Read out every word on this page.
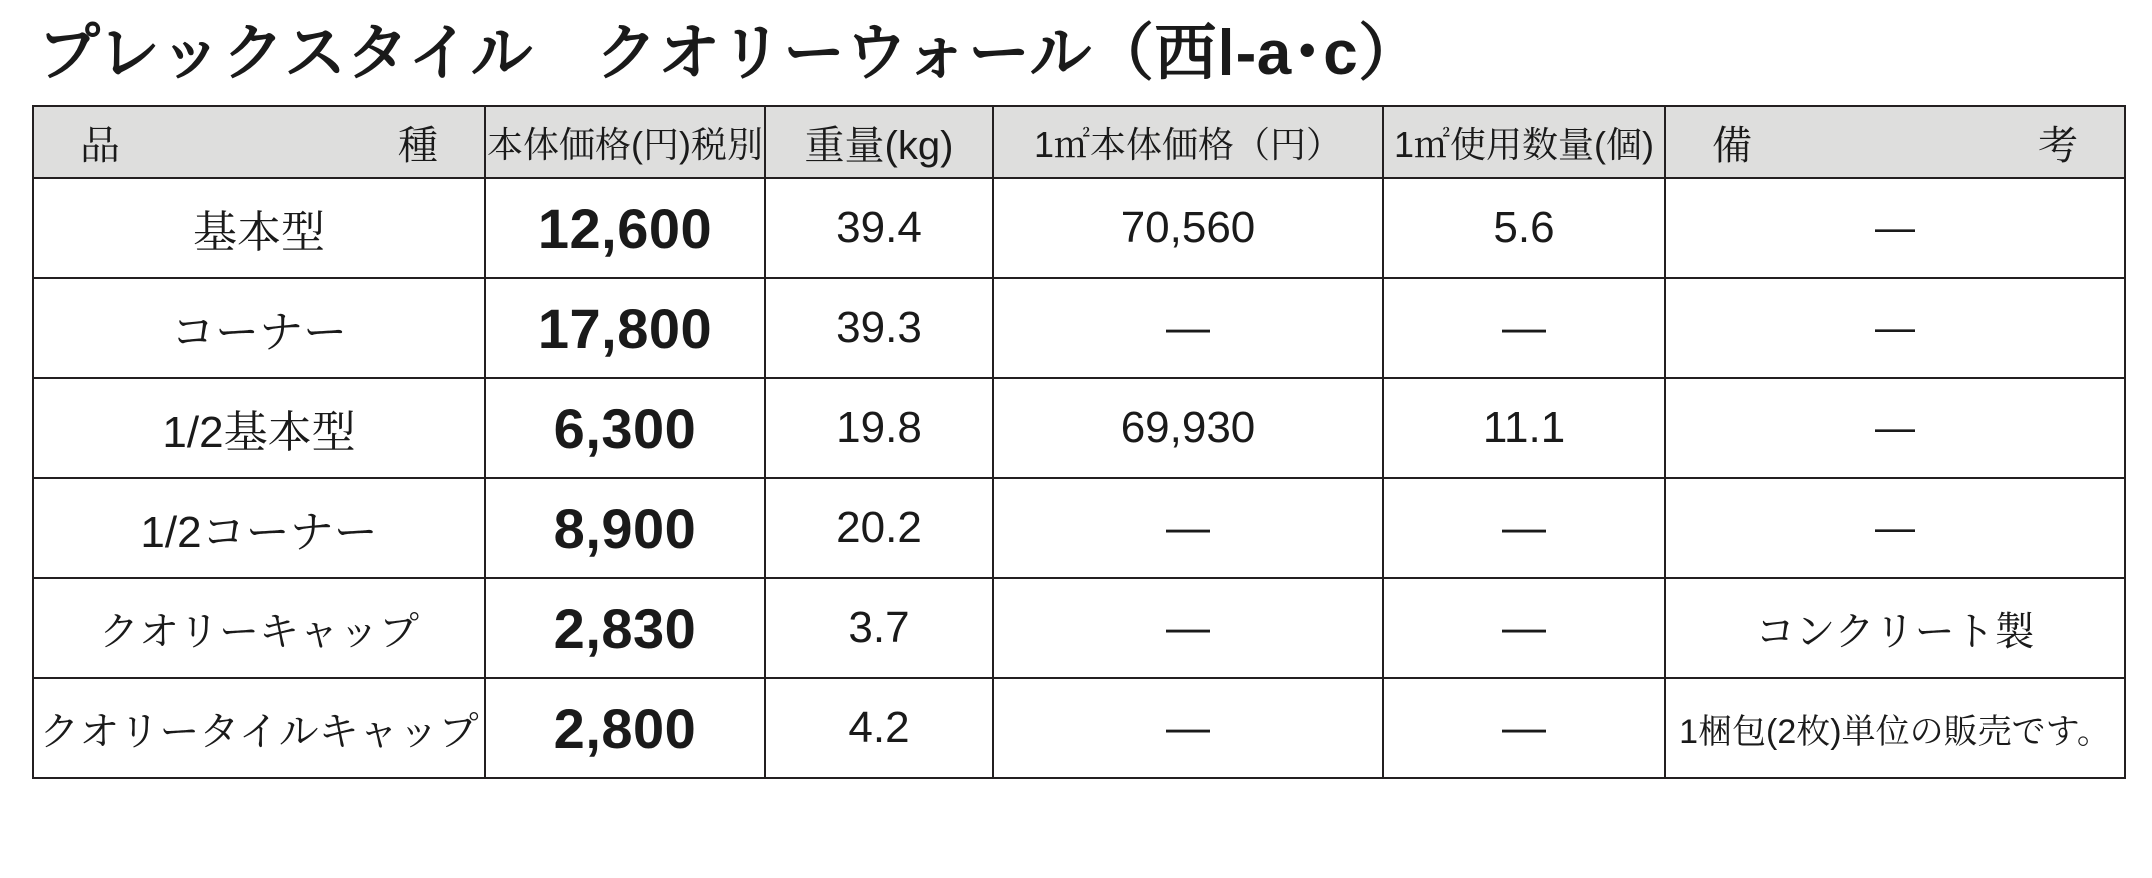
プレックスタイル　クオリーウォール（西Ⅰ-a･c）
品 種	本体価格(円)税別	重量(kg)	1㎡本体価格（円）	1㎡使用数量(個)	備 考

基本型	12,600	39.4	70,560	5.6	—
コーナー	17,800	39.3	—	—	—
1/2基本型	6,300	19.8	69,930	11.1	—
1/2コーナー	8,900	20.2	—	—	—
クオリーキャップ	2,830	3.7	—	—	コンクリート製
クオリータイルキャップ	2,800	4.2	—	—	1梱包(2枚)単位の販売です。
